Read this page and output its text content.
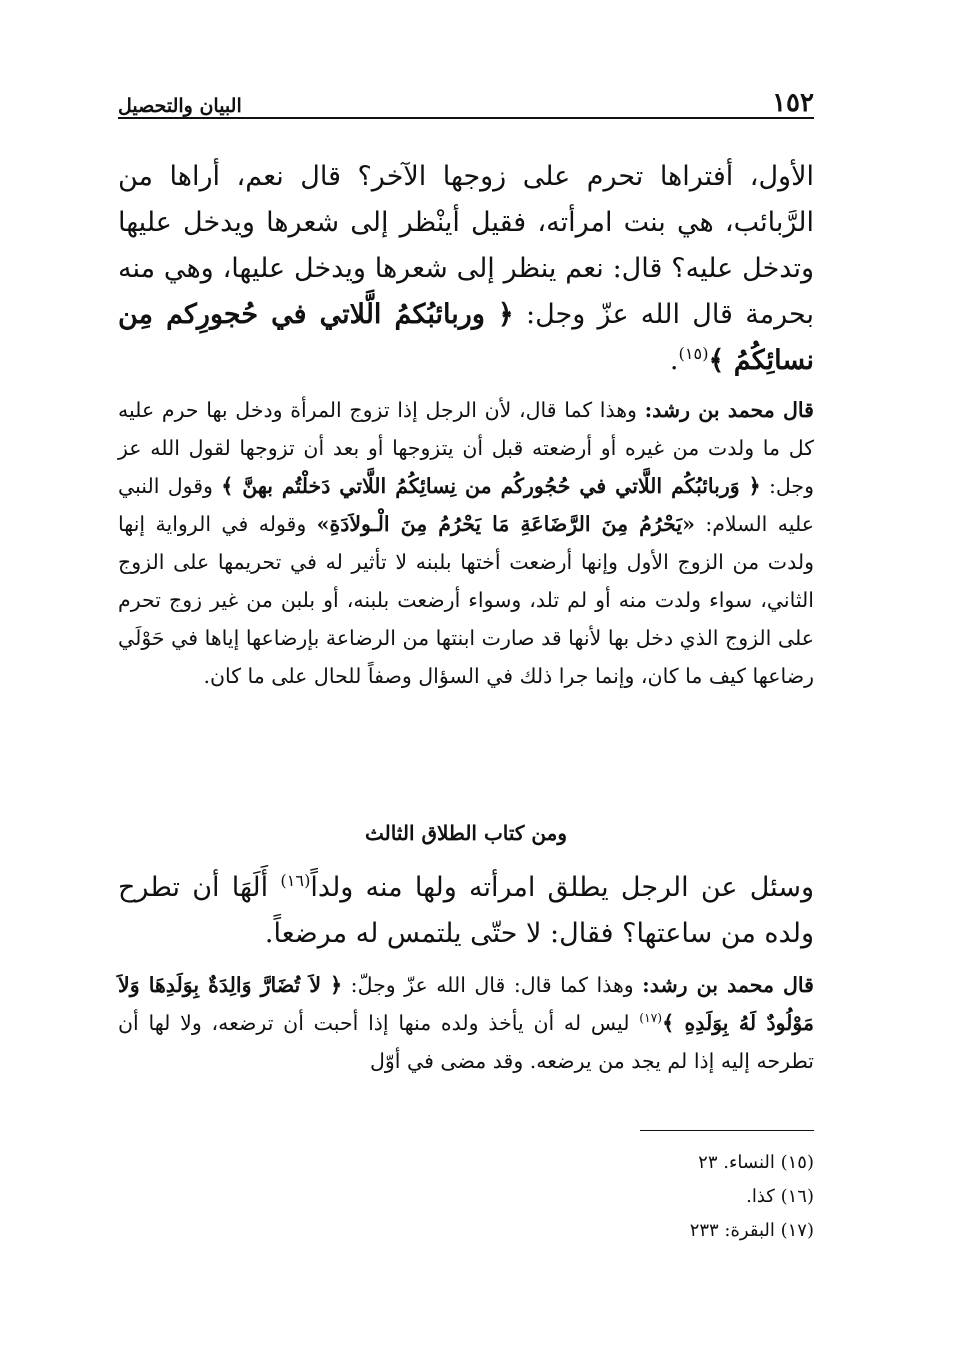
١٥٢
البيان والتحصيل

الأول، أفتراها تحرم على زوجها الآخر؟ قال نعم، أراها من الرَّبائب، هي بنت امرأته، فقيل أينْظر إلى شعرها ويدخل عليها وتدخل عليه؟ قال: نعم ينظر إلى شعرها ويدخل عليها، وهي منه بحرمة قال الله عزّ وجل: ﴿ وربائبُكمُ الَّلاتي في حُجورِكم مِن نسائِكُمُ ﴾$^{(١٥)}$.

قال محمد بن رشد: وهذا كما قال، لأن الرجل إذا تزوج المرأة ودخل بها حرم عليه كل ما ولدت من غيره أو أرضعته قبل أن يتزوجها أو بعد أن تزوجها لقول الله عز وجل: ﴿ وَربائبُكُم اللَّاتي في حُجُوركُم من نِسائِكُمُ اللَّاتي دَخلْتُم بهنَّ ﴾ وقول النبي عليه السلام: «يَحْرُمُ مِنَ الرَّضَاعَةِ مَا يَحْرُمُ مِنَ الْـولاَدَةِ» وقوله في الرواية إنها ولدت من الزوج الأول وإنها أرضعت أختها بلبنه لا تأثير له في تحريمها على الزوج الثاني، سواء ولدت منه أو لم تلد، وسواء أرضعت بلبنه، أو بلبن من غير زوج تحرم على الزوج الذي دخل بها لأنها قد صارت ابنتها من الرضاعة بإرضاعها إياها في حَوْلَي رضاعها كيف ما كان، وإنما جرا ذلك في السؤال وصفاً للحال على ما كان.

ومن كتاب الطلاق الثالث

وسئل عن الرجل يطلق امرأته ولها منه ولداً$^{(١٦)}$ أَلَهَا أن تطرح ولده من ساعتها؟ فقال: لا حتّى يلتمس له مرضعاً.

قال محمد بن رشد: وهذا كما قال: قال الله عزّ وجلّ: ﴿ لاَ تُضَارَّ وَالِدَةٌ بِوَلَدِهَا وَلاَ مَوْلُودٌ لَهُ بِوَلَدِهِ ﴾$^{(١٧)}$ ليس له أن يأخذ ولده منها إذا أحبت أن ترضعه، ولا لها أن تطرحه إليه إذا لم يجد من يرضعه. وقد مضى في أوّل

(١٥) النساء. ٢٣
(١٦) كذا.
(١٧) البقرة: ٢٣٣
